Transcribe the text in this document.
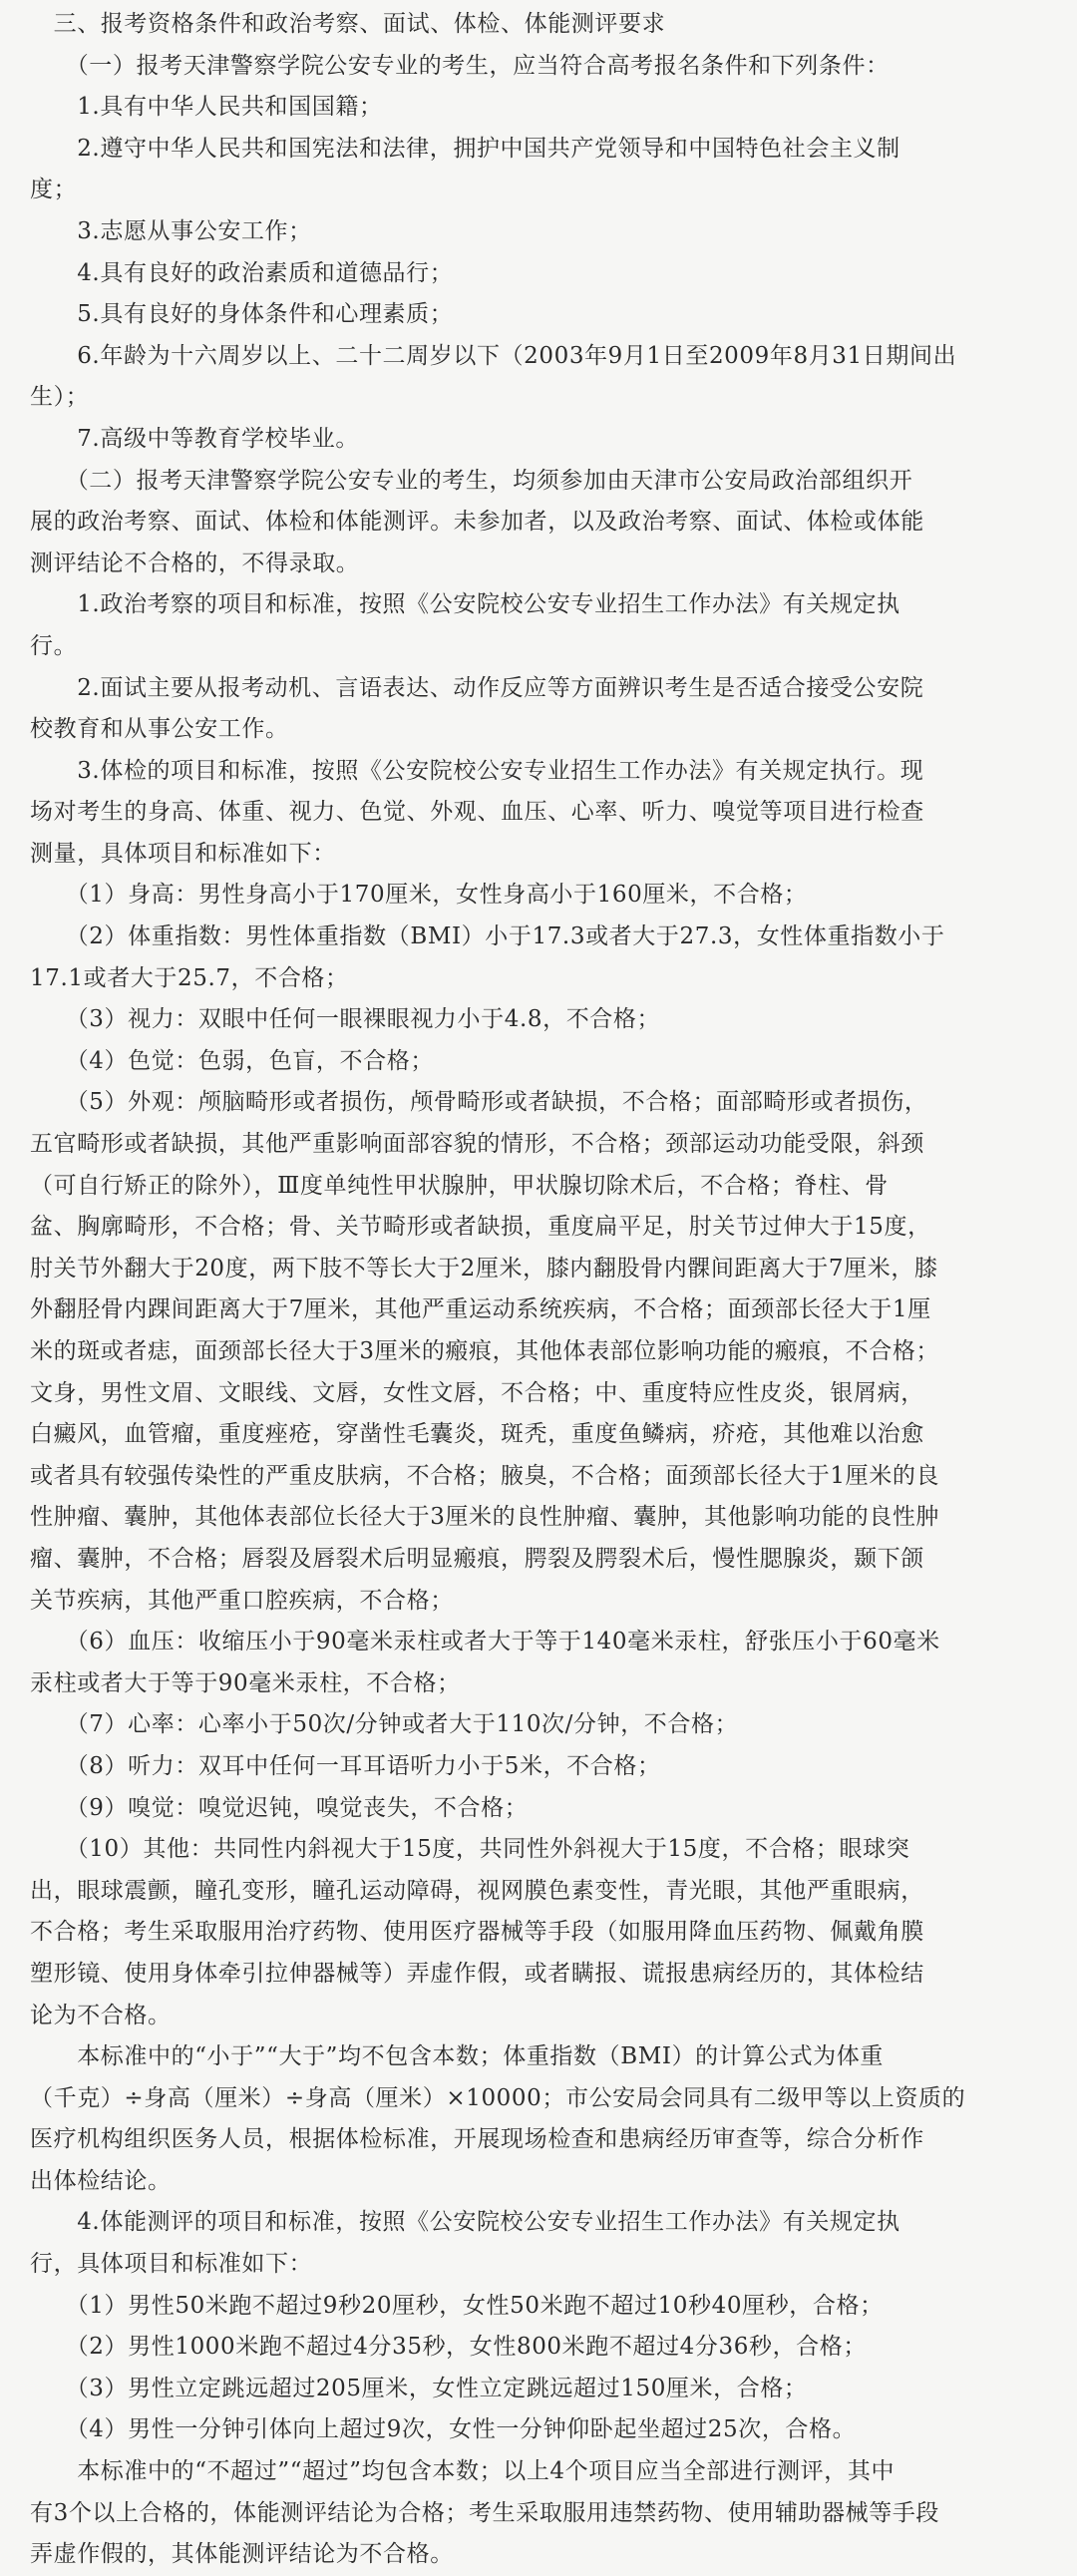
　三、报考资格条件和政治考察、面试、体检、体能测评要求
　　（一）报考天津警察学院公安专业的考生，应当符合高考报名条件和下列条件：
　　1.具有中华人民共和国国籍；
　　2.遵守中华人民共和国宪法和法律，拥护中国共产党领导和中国特色社会主义制
度；
　　3.志愿从事公安工作；
　　4.具有良好的政治素质和道德品行；
　　5.具有良好的身体条件和心理素质；
　　6.年龄为十六周岁以上、二十二周岁以下（2003年9月1日至2009年8月31日期间出
生）；
　　7.高级中等教育学校毕业。
　　（二）报考天津警察学院公安专业的考生，均须参加由天津市公安局政治部组织开
展的政治考察、面试、体检和体能测评。未参加者，以及政治考察、面试、体检或体能
测评结论不合格的，不得录取。
　　1.政治考察的项目和标准，按照《公安院校公安专业招生工作办法》有关规定执
行。
　　2.面试主要从报考动机、言语表达、动作反应等方面辨识考生是否适合接受公安院
校教育和从事公安工作。
　　3.体检的项目和标准，按照《公安院校公安专业招生工作办法》有关规定执行。现
场对考生的身高、体重、视力、色觉、外观、血压、心率、听力、嗅觉等项目进行检查
测量，具体项目和标准如下：
　　（1）身高：男性身高小于170厘米，女性身高小于160厘米，不合格；
　　（2）体重指数：男性体重指数（BMI）小于17.3或者大于27.3，女性体重指数小于
17.1或者大于25.7，不合格；
　　（3）视力：双眼中任何一眼裸眼视力小于4.8，不合格；
　　（4）色觉：色弱，色盲，不合格；
　　（5）外观：颅脑畸形或者损伤，颅骨畸形或者缺损，不合格；面部畸形或者损伤，
五官畸形或者缺损，其他严重影响面部容貌的情形，不合格；颈部运动功能受限，斜颈
（可自行矫正的除外），Ⅲ度单纯性甲状腺肿，甲状腺切除术后，不合格；脊柱、骨
盆、胸廓畸形，不合格；骨、关节畸形或者缺损，重度扁平足，肘关节过伸大于15度，
肘关节外翻大于20度，两下肢不等长大于2厘米，膝内翻股骨内髁间距离大于7厘米，膝
外翻胫骨内踝间距离大于7厘米，其他严重运动系统疾病，不合格；面颈部长径大于1厘
米的斑或者痣，面颈部长径大于3厘米的瘢痕，其他体表部位影响功能的瘢痕，不合格；
文身，男性文眉、文眼线、文唇，女性文唇，不合格；中、重度特应性皮炎，银屑病，
白癜风，血管瘤，重度痤疮，穿凿性毛囊炎，斑秃，重度鱼鳞病，疥疮，其他难以治愈
或者具有较强传染性的严重皮肤病，不合格；腋臭，不合格；面颈部长径大于1厘米的良
性肿瘤、囊肿，其他体表部位长径大于3厘米的良性肿瘤、囊肿，其他影响功能的良性肿
瘤、囊肿，不合格；唇裂及唇裂术后明显瘢痕，腭裂及腭裂术后，慢性腮腺炎，颞下颌
关节疾病，其他严重口腔疾病，不合格；
　　（6）血压：收缩压小于90毫米汞柱或者大于等于140毫米汞柱，舒张压小于60毫米
汞柱或者大于等于90毫米汞柱，不合格；
　　（7）心率：心率小于50次/分钟或者大于110次/分钟，不合格；
　　（8）听力：双耳中任何一耳耳语听力小于5米，不合格；
　　（9）嗅觉：嗅觉迟钝，嗅觉丧失，不合格；
　　（10）其他：共同性内斜视大于15度，共同性外斜视大于15度，不合格；眼球突
出，眼球震颤，瞳孔变形，瞳孔运动障碍，视网膜色素变性，青光眼，其他严重眼病，
不合格；考生采取服用治疗药物、使用医疗器械等手段（如服用降血压药物、佩戴角膜
塑形镜、使用身体牵引拉伸器械等）弄虚作假，或者瞒报、谎报患病经历的，其体检结
论为不合格。
　　本标准中的“小于”“大于”均不包含本数；体重指数（BMI）的计算公式为体重
（千克）÷身高（厘米）÷身高（厘米）×10000；市公安局会同具有二级甲等以上资质的
医疗机构组织医务人员，根据体检标准，开展现场检查和患病经历审查等，综合分析作
出体检结论。
　　4.体能测评的项目和标准，按照《公安院校公安专业招生工作办法》有关规定执
行，具体项目和标准如下：
　　（1）男性50米跑不超过9秒20厘秒，女性50米跑不超过10秒40厘秒，合格；
　　（2）男性1000米跑不超过4分35秒，女性800米跑不超过4分36秒，合格；
　　（3）男性立定跳远超过205厘米，女性立定跳远超过150厘米，合格；
　　（4）男性一分钟引体向上超过9次，女性一分钟仰卧起坐超过25次，合格。
　　本标准中的“不超过”“超过”均包含本数；以上4个项目应当全部进行测评，其中
有3个以上合格的，体能测评结论为合格；考生采取服用违禁药物、使用辅助器械等手段
弄虚作假的，其体能测评结论为不合格。
